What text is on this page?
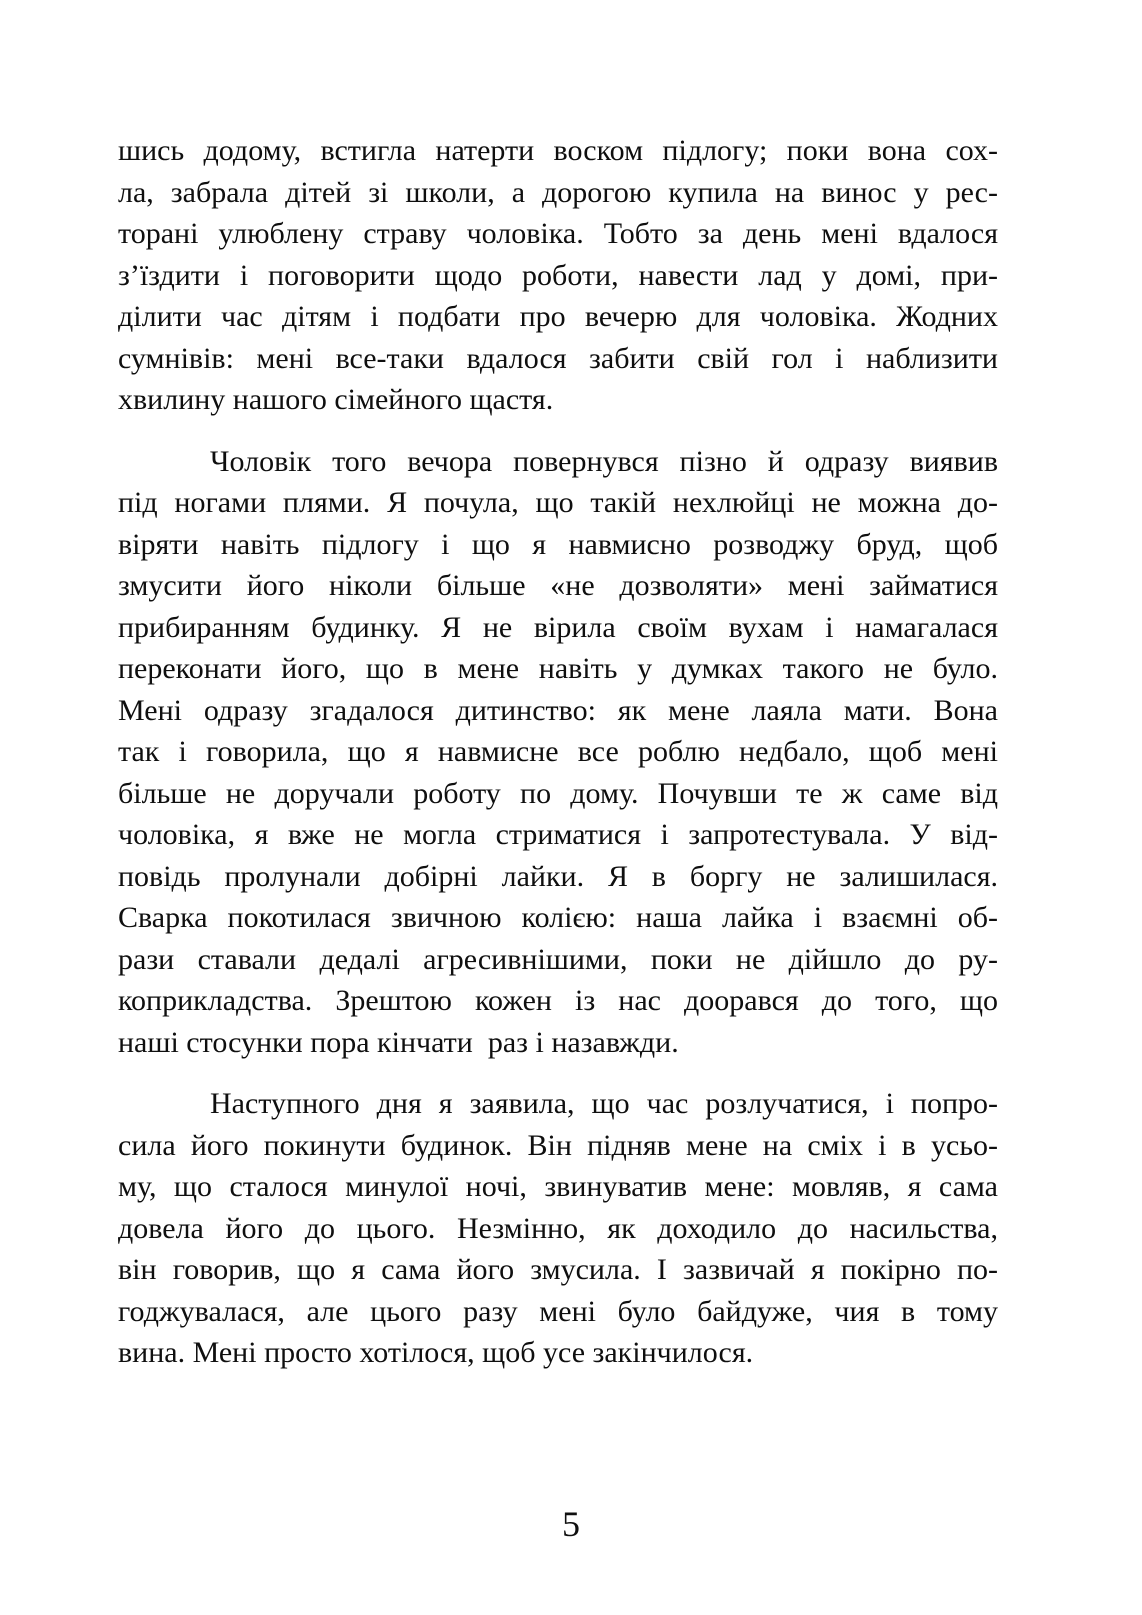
шись додому, встигла натерти воском підлогу; поки вона сох-
ла, забрала дітей зі школи, а дорогою купила на винос у рес-
торані улюблену страву чоловіка. Тобто за день мені вдалося
з’їздити і поговорити щодо роботи, навести лад у домі, при-
ділити час дітям і подбати про вечерю для чоловіка. Жодних
сумнівів: мені все-таки вдалося забити свій гол і наблизити
хвилину нашого сімейного щастя.
Чоловік того вечора повернувся пізно й одразу виявив
під ногами плями. Я почула, що такій нехлюйці не можна до-
віряти навіть підлогу і що я навмисно розводжу бруд, щоб
змусити його ніколи більше «не дозволяти» мені займатися
прибиранням будинку. Я не вірила своїм вухам і намагалася
переконати його, що в мене навіть у думках такого не було.
Мені одразу згадалося дитинство: як мене лаяла мати. Вона
так і говорила, що я навмисне все роблю недбало, щоб мені
більше не доручали роботу по дому. Почувши те ж саме від
чоловіка, я вже не могла стриматися і запротестувала. У від-
повідь пролунали добірні лайки. Я в боргу не залишилася.
Сварка покотилася звичною колією: наша лайка і взаємні об-
рази ставали дедалі агресивнішими, поки не дійшло до ру-
коприкладства. Зрештою кожен із нас доорався до того, що
наші стосунки пора кінчати  раз і назавжди.
Наступного дня я заявила, що час розлучатися, і попро-
сила його покинути будинок. Він підняв мене на сміх і в усьо-
му, що сталося минулої ночі, звинуватив мене: мовляв, я сама
довела його до цього. Незмінно, як доходило до насильства,
він говорив, що я сама його змусила. І зазвичай я покірно по-
годжувалася, але цього разу мені було байдуже, чия в тому
вина. Мені просто хотілося, щоб усе закінчилося.
5
